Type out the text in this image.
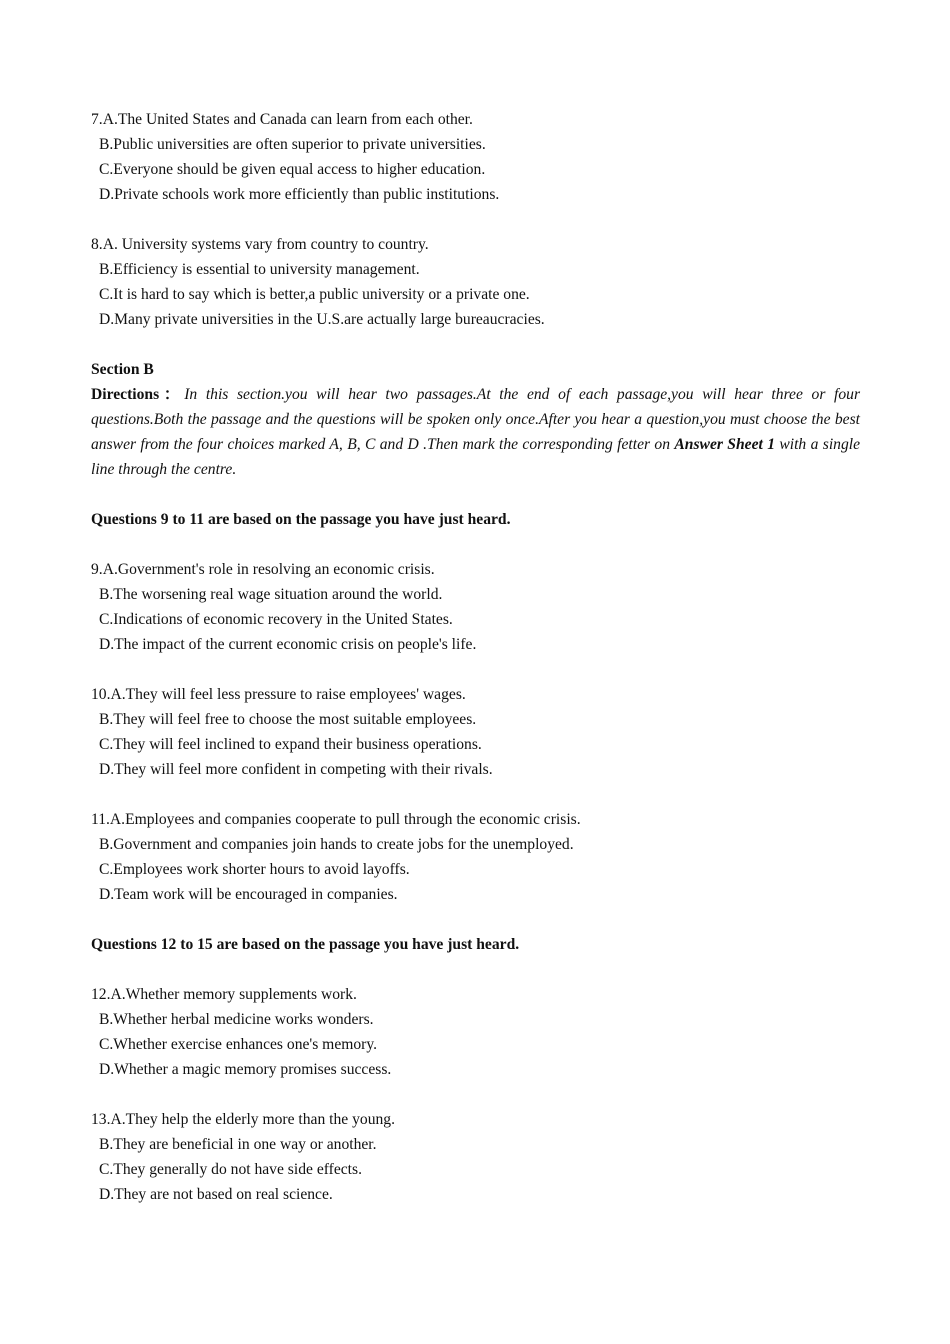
7.A.The United States and Canada can learn from each other.
B.Public universities are often superior to private universities.
C.Everyone should be given equal access to higher education.
D.Private schools work more efficiently than public institutions.
8.A. University systems vary from country to country.
B.Efficiency is essential to university management.
C.It is hard to say which is better,a public university or a private one.
D.Many private universities in the U.S.are actually large bureaucracies.
Section B
Directions：In this section.you will hear two passages.At the end of each passage,you will hear three or four questions.Both the passage and the questions will be spoken only once.After you hear a question,you must choose the best answer from the four choices marked A, B, C and D .Then mark the corresponding fetter on Answer Sheet 1 with a single line through the centre.
Questions 9 to 11 are based on the passage you have just heard.
9.A.Government's role in resolving an economic crisis.
B.The worsening real wage situation around the world.
C.Indications of economic recovery in the United States.
D.The impact of the current economic crisis on people's life.
10.A.They will feel less pressure to raise employees' wages.
B.They will feel free to choose the most suitable employees.
C.They will feel inclined to expand their business operations.
D.They will feel more confident in competing with their rivals.
11.A.Employees and companies cooperate to pull through the economic crisis.
B.Government and companies join hands to create jobs for the unemployed.
C.Employees work shorter hours to avoid layoffs.
D.Team work will be encouraged in companies.
Questions 12 to 15 are based on the passage you have just heard.
12.A.Whether memory supplements work.
B.Whether herbal medicine works wonders.
C.Whether exercise enhances one's memory.
D.Whether a magic memory promises success.
13.A.They help the elderly more than the young.
B.They are beneficial in one way or another.
C.They generally do not have side effects.
D.They are not based on real science.
